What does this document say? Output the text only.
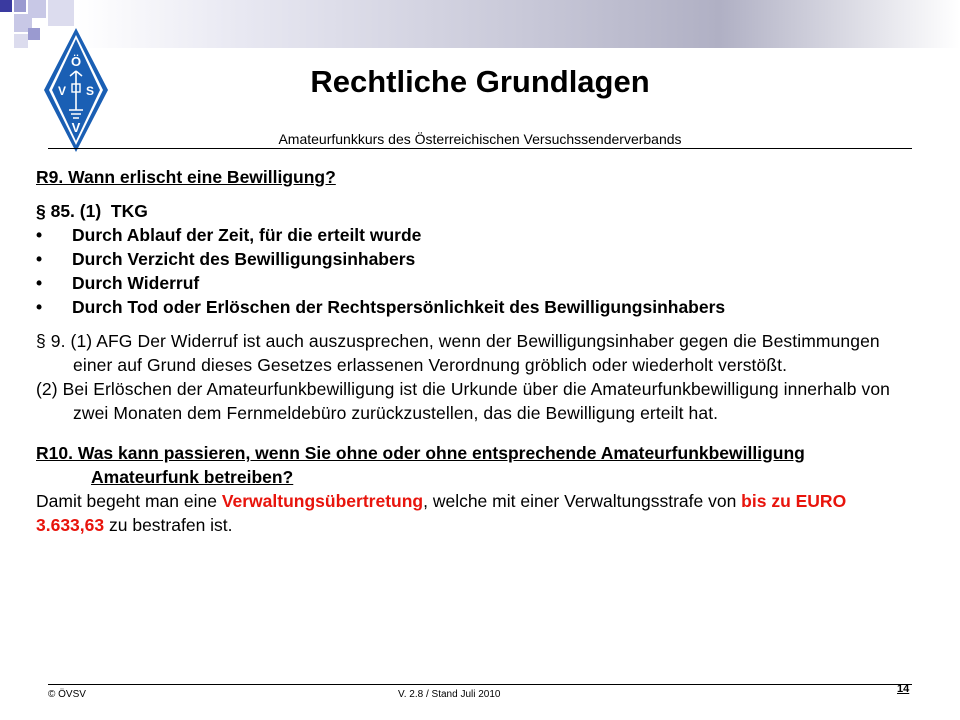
Ö
V S
V
Rechtliche Grundlagen
Amateurfunkkurs des Österreichischen Versuchssenderverbands
R9. Wann erlischt eine Bewilligung?
§ 85. (1)  TKG
• Durch Ablauf der Zeit, für die erteilt wurde
• Durch Verzicht des Bewilligungsinhabers
• Durch Widerruf
• Durch Tod oder Erlöschen der Rechtspersönlichkeit des Bewilligungsinhabers
§ 9. (1) AFG Der Widerruf ist auch auszusprechen, wenn der Bewilligungsinhaber gegen die Bestimmungen einer auf Grund dieses Gesetzes erlassenen Verordnung gröblich oder wiederholt verstößt.
(2) Bei Erlöschen der Amateurfunkbewilligung ist die Urkunde über die Amateurfunkbewilligung innerhalb von zwei Monaten dem Fernmeldebüro zurückzustellen, das die Bewilligung erteilt hat.
R10. Was kann passieren, wenn Sie ohne oder ohne entsprechende Amateurfunkbewilligung Amateurfunk betreiben?
Damit begeht man eine Verwaltungsübertretung, welche mit einer Verwaltungsstrafe von bis zu EURO 3.633,63 zu bestrafen ist.
© ÖVSV	V. 2.8 / Stand Juli 2010	14
